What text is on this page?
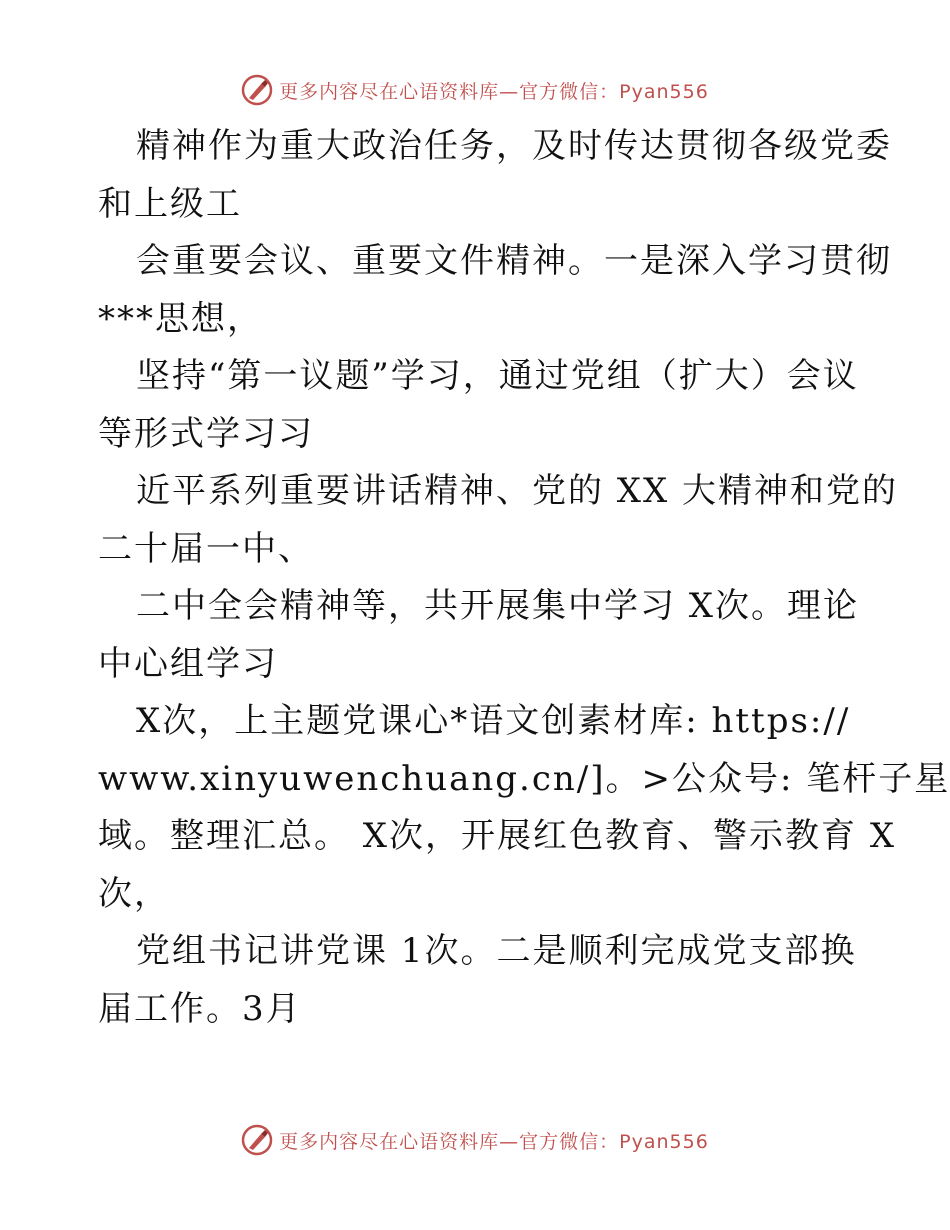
更多内容尽在心语资料库—官方微信：Pyan556
精神作为重大政治任务，及时传达贯彻各级党委
和上级工
会重要会议、重要文件精神。一是深入学习贯彻
***思想，
坚持“第一议题”学习，通过党组（扩大）会议
等形式学习习
近平系列重要讲话精神、党的 XX 大精神和党的
二十届一中、
二中全会精神等，共开展集中学习 X次。理论
中心组学习
X次，上主题党课心*语文创素材库: https://
www.xinyuwenchuang.cn/]。>公众号: 笔杆子星
域。整理汇总。 X次，开展红色教育、警示教育 X
次，
党组书记讲党课 1次。二是顺利完成党支部换
届工作。3月
更多内容尽在心语资料库—官方微信：Pyan556
